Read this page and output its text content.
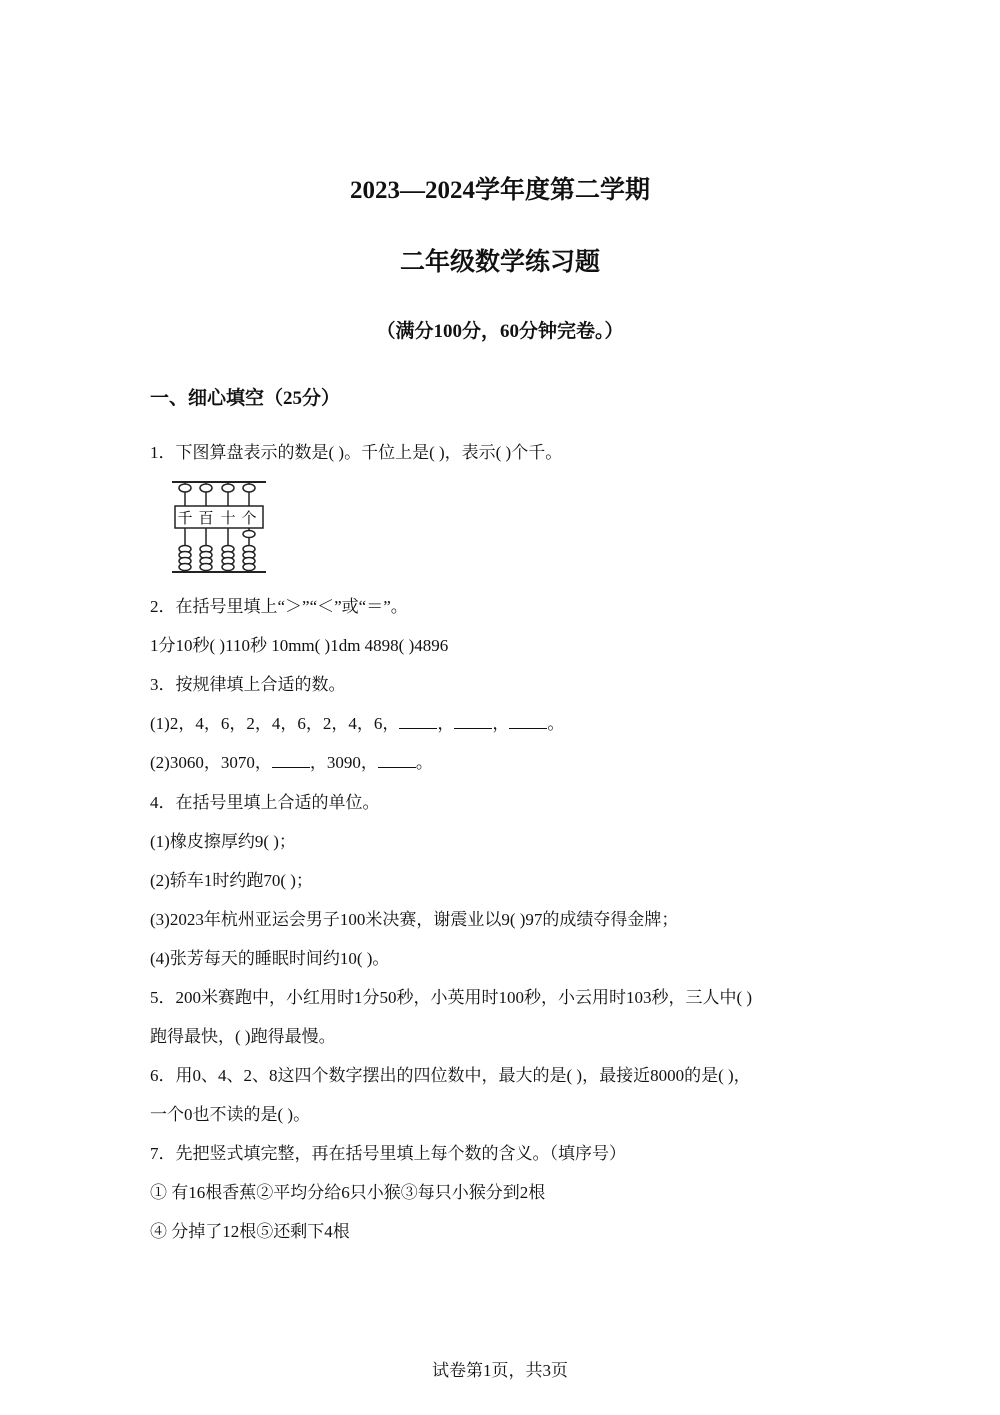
2023—2024学年度第二学期
二年级数学练习题
（满分100分，60分钟完卷。）
一、细心填空（25分）
1．下图算盘表示的数是( )。千位上是( )，表示( )个千。
千 百 十 个
2．在括号里填上“＞”“＜”或“＝”。
1分10秒( )110秒 10mm( )1dm 4898( )4896
3．按规律填上合适的数。
(1)2，4，6，2，4，6，2，4，6， ， ， 。
(2)3060，3070， ，3090， 。
4．在括号里填上合适的单位。
(1)橡皮擦厚约9( )；
(2)轿车1时约跑70( )；
(3)2023年杭州亚运会男子100米决赛，谢震业以9( )97的成绩夺得金牌；
(4)张芳每天的睡眠时间约10( )。
5．200米赛跑中，小红用时1分50秒，小英用时100秒，小云用时103秒，三人中( )
跑得最快，( )跑得最慢。
6．用0、4、2、8这四个数字摆出的四位数中，最大的是( )，最接近8000的是( )，
一个0也不读的是( )。
7．先把竖式填完整，再在括号里填上每个数的含义。（填序号）
① 有16根香蕉②平均分给6只小猴③每只小猴分到2根
④ 分掉了12根⑤还剩下4根
试卷第1页，共3页
